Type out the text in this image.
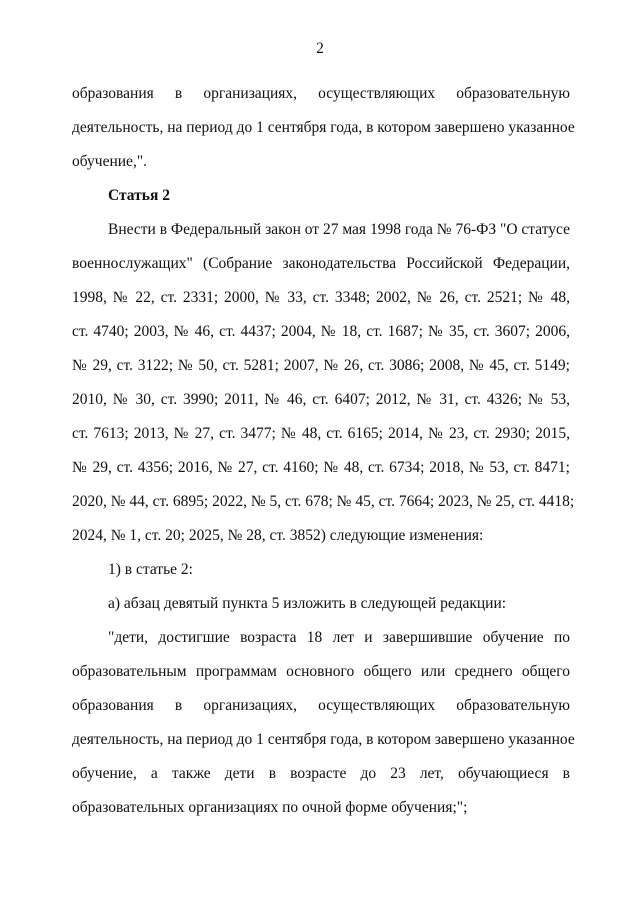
2
образования в организациях, осуществляющих образовательную
деятельность, на период до 1 сентября года, в котором завершено указанное
обучение,".
Статья 2
Внести в Федеральный закон от 27 мая 1998 года № 76-ФЗ "О статусе
военнослужащих" (Собрание законодательства Российской Федерации,
1998, № 22, ст. 2331; 2000, № 33, ст. 3348; 2002, № 26, ст. 2521; № 48,
ст. 4740; 2003, № 46, ст. 4437; 2004, № 18, ст. 1687; № 35, ст. 3607; 2006,
№ 29, ст. 3122; № 50, ст. 5281; 2007, № 26, ст. 3086; 2008, № 45, ст. 5149;
2010, № 30, ст. 3990; 2011, № 46, ст. 6407; 2012, № 31, ст. 4326; № 53,
ст. 7613; 2013, № 27, ст. 3477; № 48, ст. 6165; 2014, № 23, ст. 2930; 2015,
№ 29, ст. 4356; 2016, № 27, ст. 4160; № 48, ст. 6734; 2018, № 53, ст. 8471;
2020, № 44, ст. 6895; 2022, № 5, ст. 678; № 45, ст. 7664; 2023, № 25, ст. 4418;
2024, № 1, ст. 20; 2025, № 28, ст. 3852) следующие изменения:
1) в статье 2:
а) абзац девятый пункта 5 изложить в следующей редакции:
"дети, достигшие возраста 18 лет и завершившие обучение по
образовательным программам основного общего или среднего общего
образования в организациях, осуществляющих образовательную
деятельность, на период до 1 сентября года, в котором завершено указанное
обучение, а также дети в возрасте до 23 лет, обучающиеся в
образовательных организациях по очной форме обучения;";
